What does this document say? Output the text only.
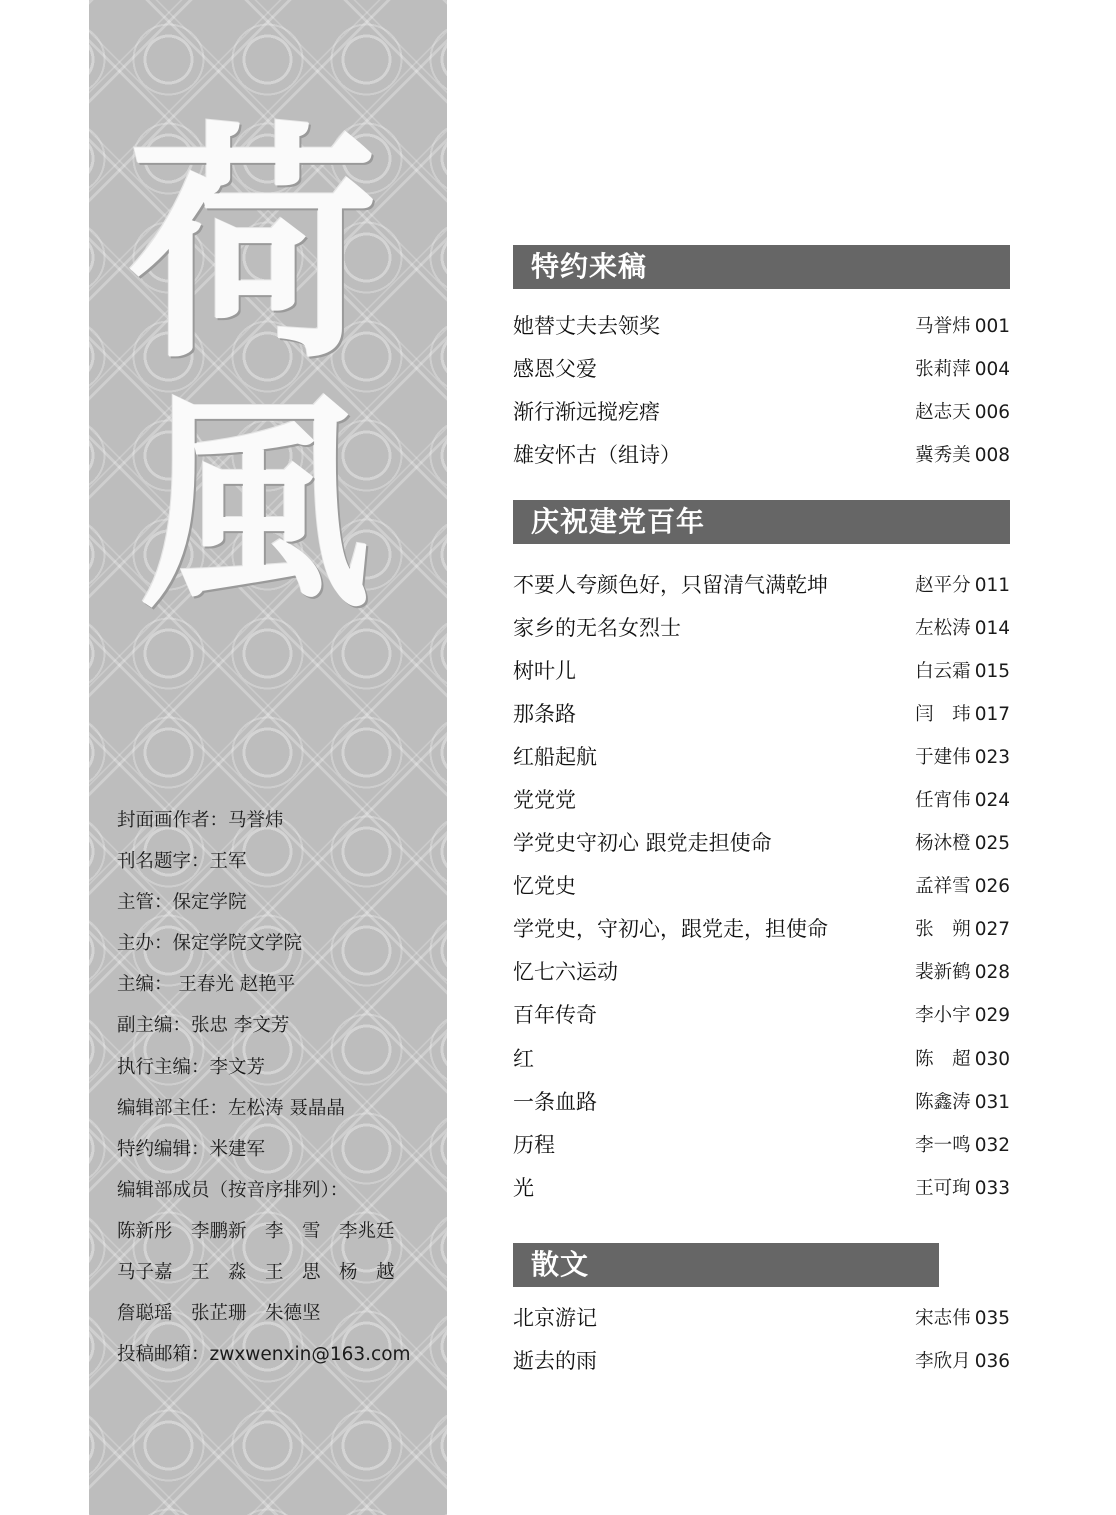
荷
風
封面画作者：马誉炜
刊名题字：王军
主管：保定学院
主办：保定学院文学院
主编： 王春光 赵艳平
副主编：张忠 李文芳
执行主编：李文芳
编辑部主任：左松涛 聂晶晶
特约编辑：米建军
编辑部成员（按音序排列）：
陈新彤　李鹏新　李　雪　李兆廷
马子嘉　王　淼　王　思　杨　越
詹聪瑶　张芷珊　朱德坚
投稿邮箱：zwxwenxin@163.com
特约来稿
她替丈夫去领奖	马誉炜 001
感恩父爱	张莉萍 004
渐行渐远搅疙瘩	赵志天 006
雄安怀古（组诗）	冀秀美 008
庆祝建党百年
不要人夸颜色好，只留清气满乾坤	赵平分 011
家乡的无名女烈士	左松涛 014
树叶儿	白云霜 015
那条路	闫　玮 017
红船起航	于建伟 023
党党党	任宵伟 024
学党史守初心 跟党走担使命	杨沐橙 025
忆党史	孟祥雪 026
学党史，守初心，跟党走，担使命	张　朔 027
忆七六运动	裴新鹤 028
百年传奇	李小宇 029
红	陈　超 030
一条血路	陈鑫涛 031
历程	李一鸣 032
光	王可珣 033
散文
北京游记	宋志伟 035
逝去的雨	李欣月 036
